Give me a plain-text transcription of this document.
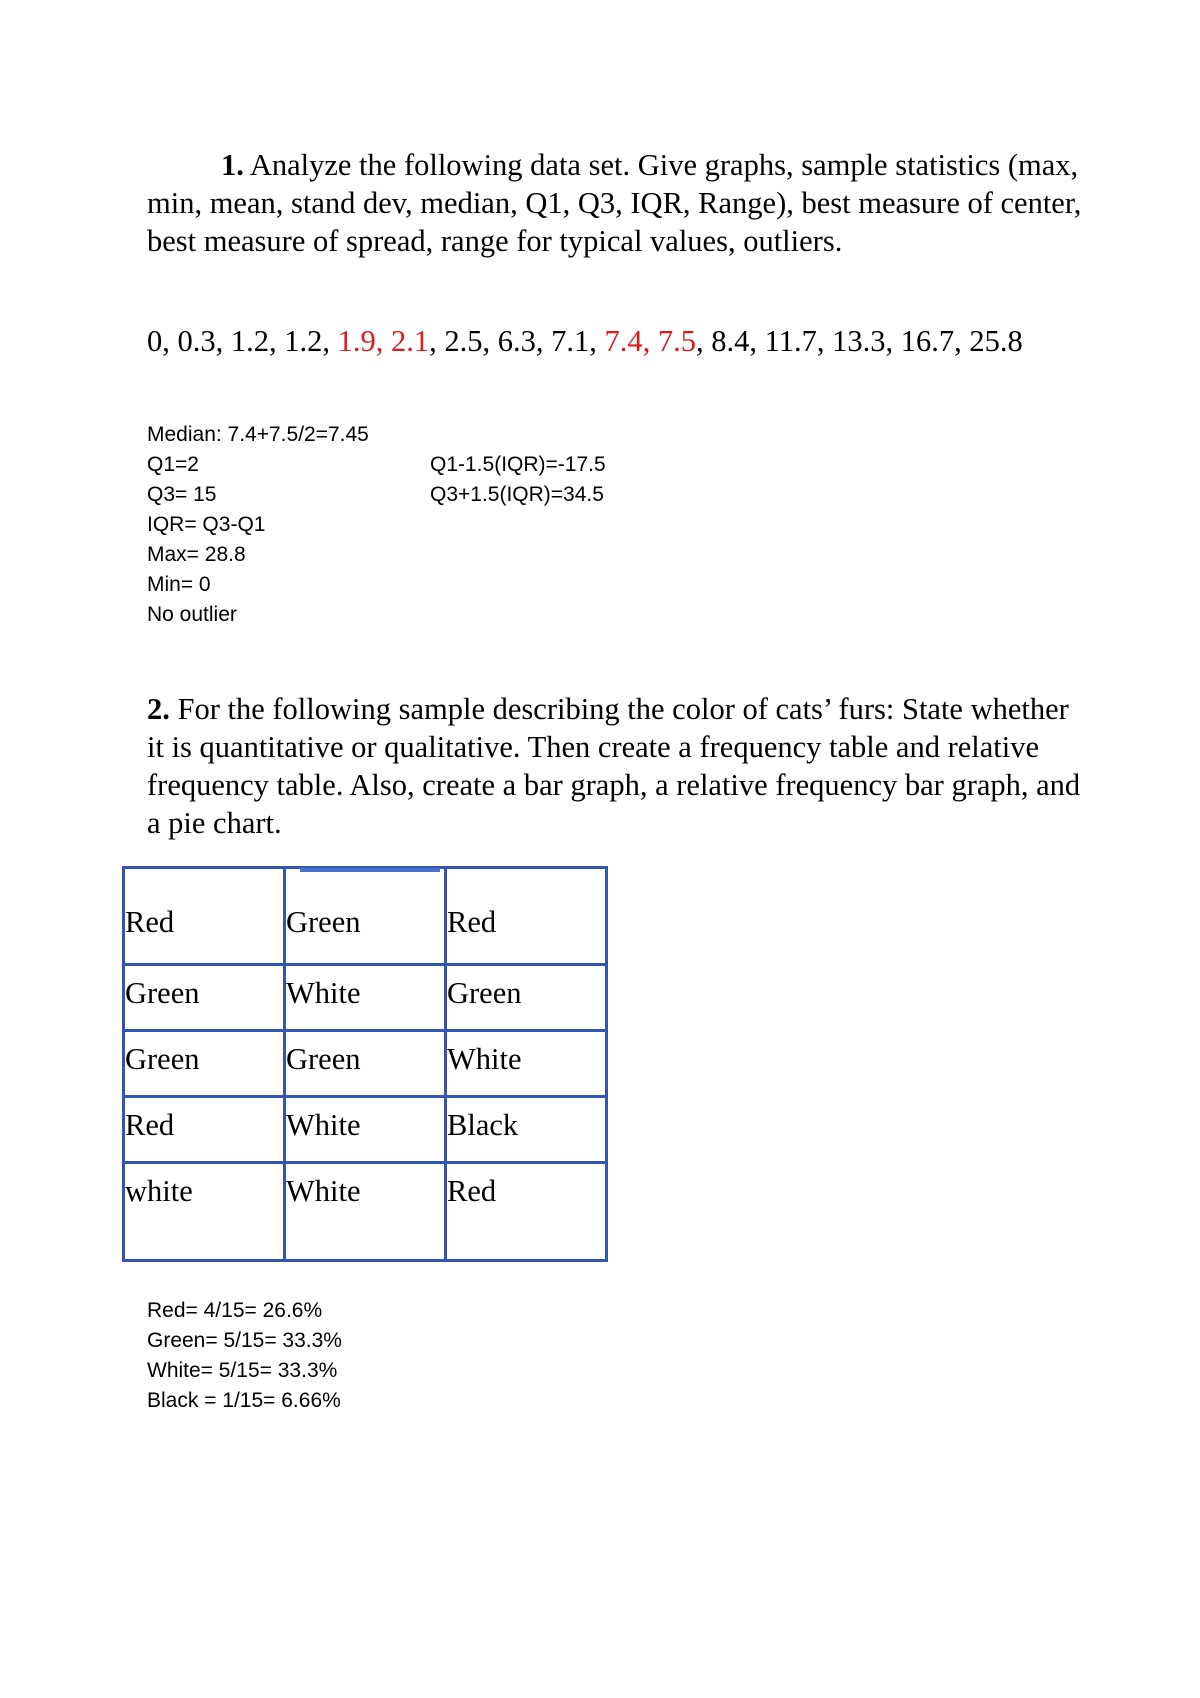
1. Analyze the following data set. Give graphs, sample statistics (max, min, mean, stand dev, median, Q1, Q3, IQR, Range), best measure of center, best measure of spread, range for typical values, outliers.
0, 0.3, 1.2, 1.2, 1.9, 2.1, 2.5, 6.3, 7.1, 7.4, 7.5, 8.4, 11.7, 13.3, 16.7, 25.8
Median: 7.4+7.5/2=7.45
Q1=2
Q3= 15
IQR= Q3-Q1
Max= 28.8
Min= 0
No outlier
Q1-1.5(IQR)=-17.5
Q3+1.5(IQR)=34.5
2. For the following sample describing the color of cats’ furs: State whether it is quantitative or qualitative. Then create a frequency table and relative frequency table. Also, create a bar graph, a relative frequency bar graph, and a pie chart.
Red	Green	Red

Green	White	Green

Green	Green	White

Red	White	Black

white	White	Red
Red= 4/15= 26.6%
Green= 5/15= 33.3%
White= 5/15= 33.3%
Black = 1/15= 6.66%
